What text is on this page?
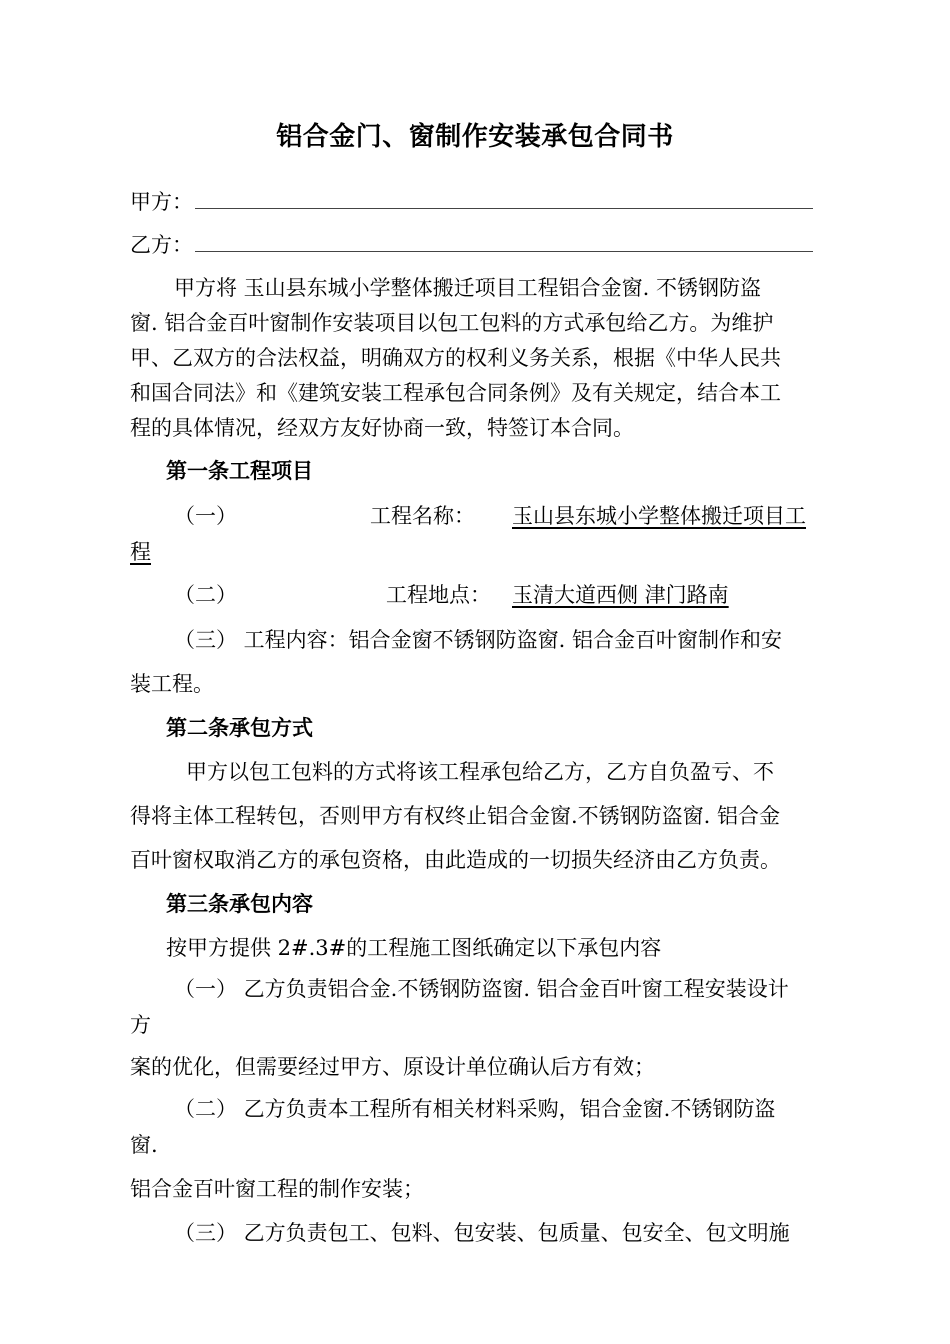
铝合金门、窗制作安装承包合同书
甲方：
乙方：
甲方将 玉山县东城小学整体搬迁项目工程铝合金窗. 不锈钢防盗
窗. 铝合金百叶窗制作安装项目以包工包料的方式承包给乙方。为维护
甲、乙双方的合法权益，明确双方的权利义务关系，根据《中华人民共
和国合同法》和《建筑安装工程承包合同条例》及有关规定，结合本工
程的具体情况，经双方友好协商一致，特签订本合同。
第一条工程项目
（一）	工程名称： 玉山县东城小学整体搬迁项目工
程
（二）	工程地点： 玉清大道西侧 津门路南
（三） 工程内容：铝合金窗不锈钢防盗窗. 铝合金百叶窗制作和安
装工程。
第二条承包方式
甲方以包工包料的方式将该工程承包给乙方，乙方自负盈亏、不
得将主体工程转包，否则甲方有权终止铝合金窗.不锈钢防盗窗. 铝合金
百叶窗权取消乙方的承包资格，由此造成的一切损失经济由乙方负责。
第三条承包内容
按甲方提供 2#.3#的工程施工图纸确定以下承包内容
（一） 乙方负责铝合金.不锈钢防盗窗. 铝合金百叶窗工程安装设计
方
案的优化，但需要经过甲方、原设计单位确认后方有效；
（二） 乙方负责本工程所有相关材料采购，铝合金窗.不锈钢防盗
窗.
铝合金百叶窗工程的制作安装；
（三） 乙方负责包工、包料、包安装、包质量、包安全、包文明施
